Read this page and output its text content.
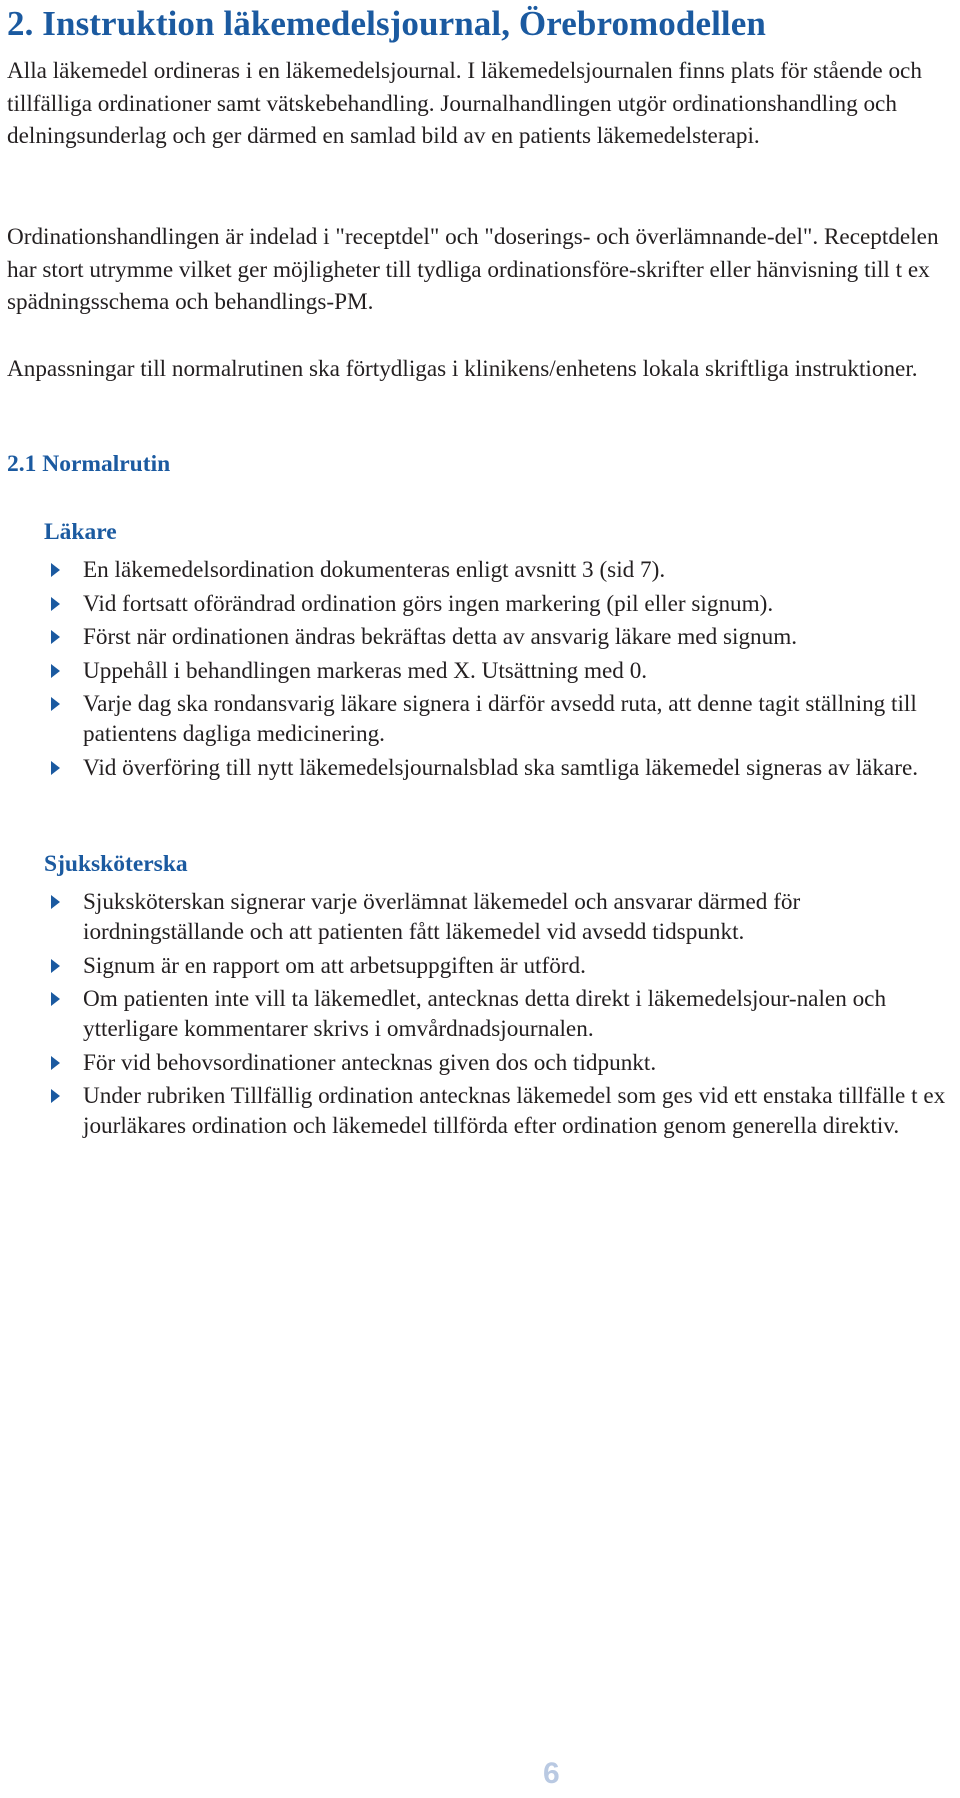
2. Instruktion läkemedelsjournal, Örebromodellen

Alla läkemedel ordineras i en läkemedelsjournal. I läkemedelsjournalen finns plats för stående och tillfälliga ordinationer samt vätskebehandling. Journalhandlingen utgör ordinationshandling och delningsunderlag och ger därmed en samlad bild av en patients läkemedelsterapi.

Ordinationshandlingen är indelad i "receptdel" och "doserings- och överlämnande-del". Receptdelen har stort utrymme vilket ger möjligheter till tydliga ordinationsföre-skrifter eller hänvisning till t ex spädningsschema och behandlings-PM.

Anpassningar till normalrutinen ska förtydligas i klinikens/enhetens lokala skriftliga instruktioner.

2.1 Normalrutin
Läkare
En läkemedelsordination dokumenteras enligt avsnitt 3 (sid 7).
Vid fortsatt oförändrad ordination görs ingen markering (pil eller signum).
Först när ordinationen ändras bekräftas detta av ansvarig läkare med signum.
Uppehåll i behandlingen markeras med X. Utsättning med 0.
Varje dag ska rondansvarig läkare signera i därför avsedd ruta, att denne tagit ställning till patientens dagliga medicinering.
Vid överföring till nytt läkemedelsjournalsblad ska samtliga läkemedel signeras av läkare.
Sjuksköterska
Sjuksköterskan signerar varje överlämnat läkemedel och ansvarar därmed för iordningställande och att patienten fått läkemedel vid avsedd tidspunkt.
Signum är en rapport om att arbetsuppgiften är utförd.
Om patienten inte vill ta läkemedlet, antecknas detta direkt i läkemedelsjour-nalen och ytterligare kommentarer skrivs i omvårdnadsjournalen.
För vid behovsordinationer antecknas given dos och tidpunkt.
Under rubriken Tillfällig ordination antecknas läkemedel som ges vid ett enstaka tillfälle t ex jourläkares ordination och läkemedel tillförda efter ordination genom generella direktiv.
6
